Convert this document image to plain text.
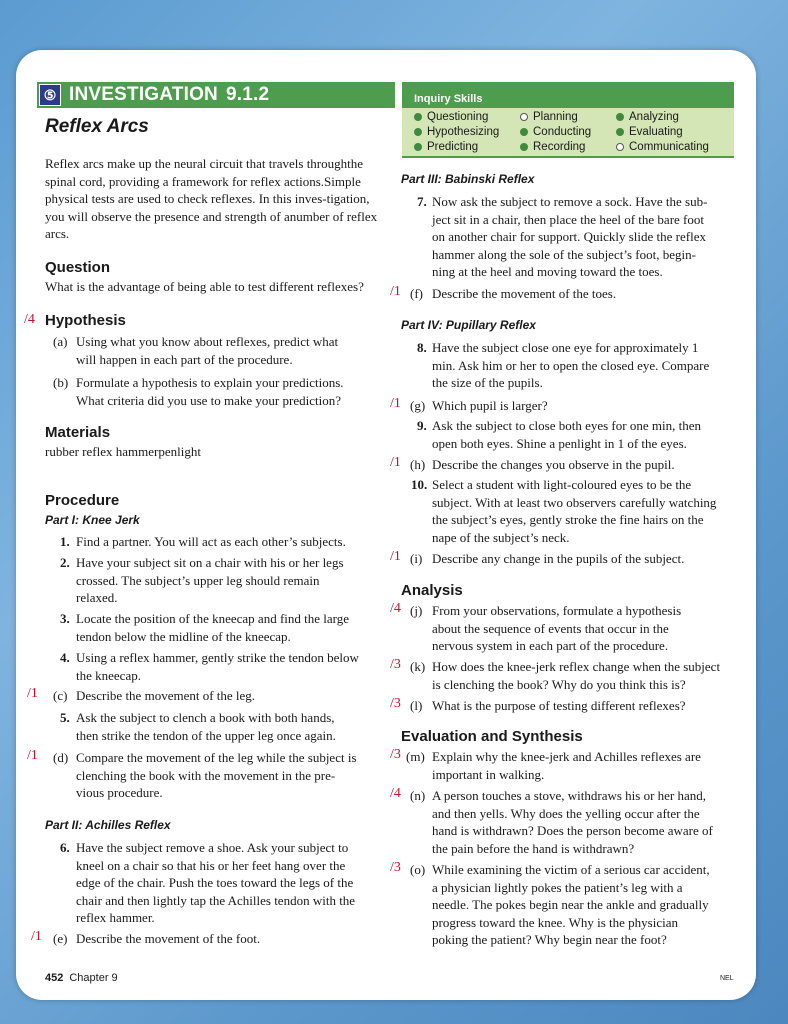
⑤ INVESTIGATION 9.1.2	Inquiry Skills
Questioning	Planning	Analyzing
Hypothesizing	Conducting	Evaluating
Predicting	Recording	Communicating
Reflex Arcs
Reflex arcs make up the neural circuit that travels throughthe spinal cord, providing a framework for reflex actions.Simple physical tests are used to check reflexes. In this inves-tigation, you will observe the presence and strength of anumber of reflex arcs.
Question
What is the advantage of being able to test different reflexes?
/4 Hypothesis
(a) Using what you know about reflexes, predict what
will happen in each part of the procedure.
(b) Formulate a hypothesis to explain your predictions.
What criteria did you use to make your prediction?
Materials
rubber reflex hammerpenlight
Procedure
Part I: Knee Jerk
1. Find a partner. You will act as each other’s subjects.
2. Have your subject sit on a chair with his or her legs
crossed. The subject’s upper leg should remain
relaxed.
3. Locate the position of the kneecap and find the large
tendon below the midline of the kneecap.
4. Using a reflex hammer, gently strike the tendon below
the kneecap.
/1 (c) Describe the movement of the leg.
5. Ask the subject to clench a book with both hands,
then strike the tendon of the upper leg once again.
/1 (d) Compare the movement of the leg while the subject is
clenching the book with the movement in the pre-
vious procedure.
Part II: Achilles Reflex
6. Have the subject remove a shoe. Ask your subject to
kneel on a chair so that his or her feet hang over the
edge of the chair. Push the toes toward the legs of the
chair and then lightly tap the Achilles tendon with the
reflex hammer.
/1 (e) Describe the movement of the foot.
Part III: Babinski Reflex
7. Now ask the subject to remove a sock. Have the sub-
ject sit in a chair, then place the heel of the bare foot
on another chair for support. Quickly slide the reflex
hammer along the sole of the subject’s foot, begin-
ning at the heel and moving toward the toes.
/1 (f) Describe the movement of the toes.
Part IV: Pupillary Reflex
8. Have the subject close one eye for approximately 1
min. Ask him or her to open the closed eye. Compare
the size of the pupils.
/1 (g) Which pupil is larger?
9. Ask the subject to close both eyes for one min, then
open both eyes. Shine a penlight in 1 of the eyes.
/1 (h) Describe the changes you observe in the pupil.
10. Select a student with light-coloured eyes to be the
subject. With at least two observers carefully watching
the subject’s eyes, gently stroke the fine hairs on the
nape of the subject’s neck.
/1 (i) Describe any change in the pupils of the subject.
Analysis
/4 (j) From your observations, formulate a hypothesis
about the sequence of events that occur in the
nervous system in each part of the procedure.
/3 (k) How does the knee-jerk reflex change when the subject
is clenching the book? Why do you think this is?
/3 (l) What is the purpose of testing different reflexes?
Evaluation and Synthesis
/3 (m) Explain why the knee-jerk and Achilles reflexes are
important in walking.
/4 (n) A person touches a stove, withdraws his or her hand,
and then yells. Why does the yelling occur after the
hand is withdrawn? Does the person become aware of
the pain before the hand is withdrawn?
/3 (o) While examining the victim of a serious car accident,
a physician lightly pokes the patient’s leg with a
needle. The pokes begin near the ankle and gradually
progress toward the knee. Why is the physician
poking the patient? Why begin near the foot?
452 Chapter 9	NEL
